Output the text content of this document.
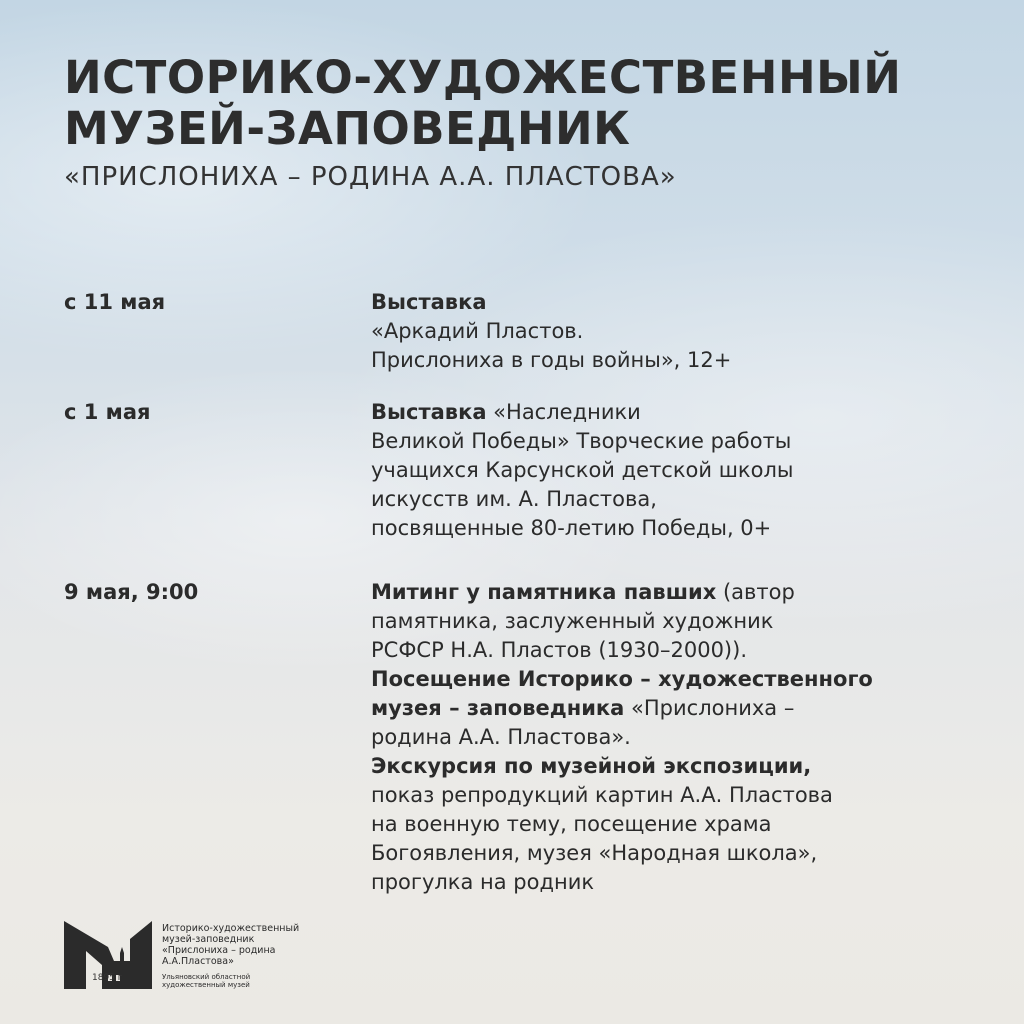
ИСТОРИКО-ХУДОЖЕСТВЕННЫЙ
МУЗЕЙ-ЗАПОВЕДНИК
«ПРИСЛОНИХА – РОДИНА А.А. ПЛАСТОВА»
с 11 мая	Выставка
«Аркадий Пластов.
Прислониха в годы войны», 12+
с 1 мая	Выставка «Наследники
Великой Победы» Творческие работы
учащихся Карсунской детской школы
искусств им. А. Пластова,
посвященные 80-летию Победы, 0+
9 мая, 9:00	Митинг у памятника павших (автор
памятника, заслуженный художник
РСФСР Н.А. Пластов (1930–2000)).
Посещение Историко – художественного
музея – заповедника «Прислониха –
родина А.А. Пластова».
Экскурсия по музейной экспозиции,
показ репродукций картин А.А. Пластова
на военную тему, посещение храма
Богоявления, музея «Народная школа»,
прогулка на родник
1895 г
Историко-художественный
музей-заповедник
«Прислониха – родина
А.А.Пластова»
Ульяновский областной
художественный музей
